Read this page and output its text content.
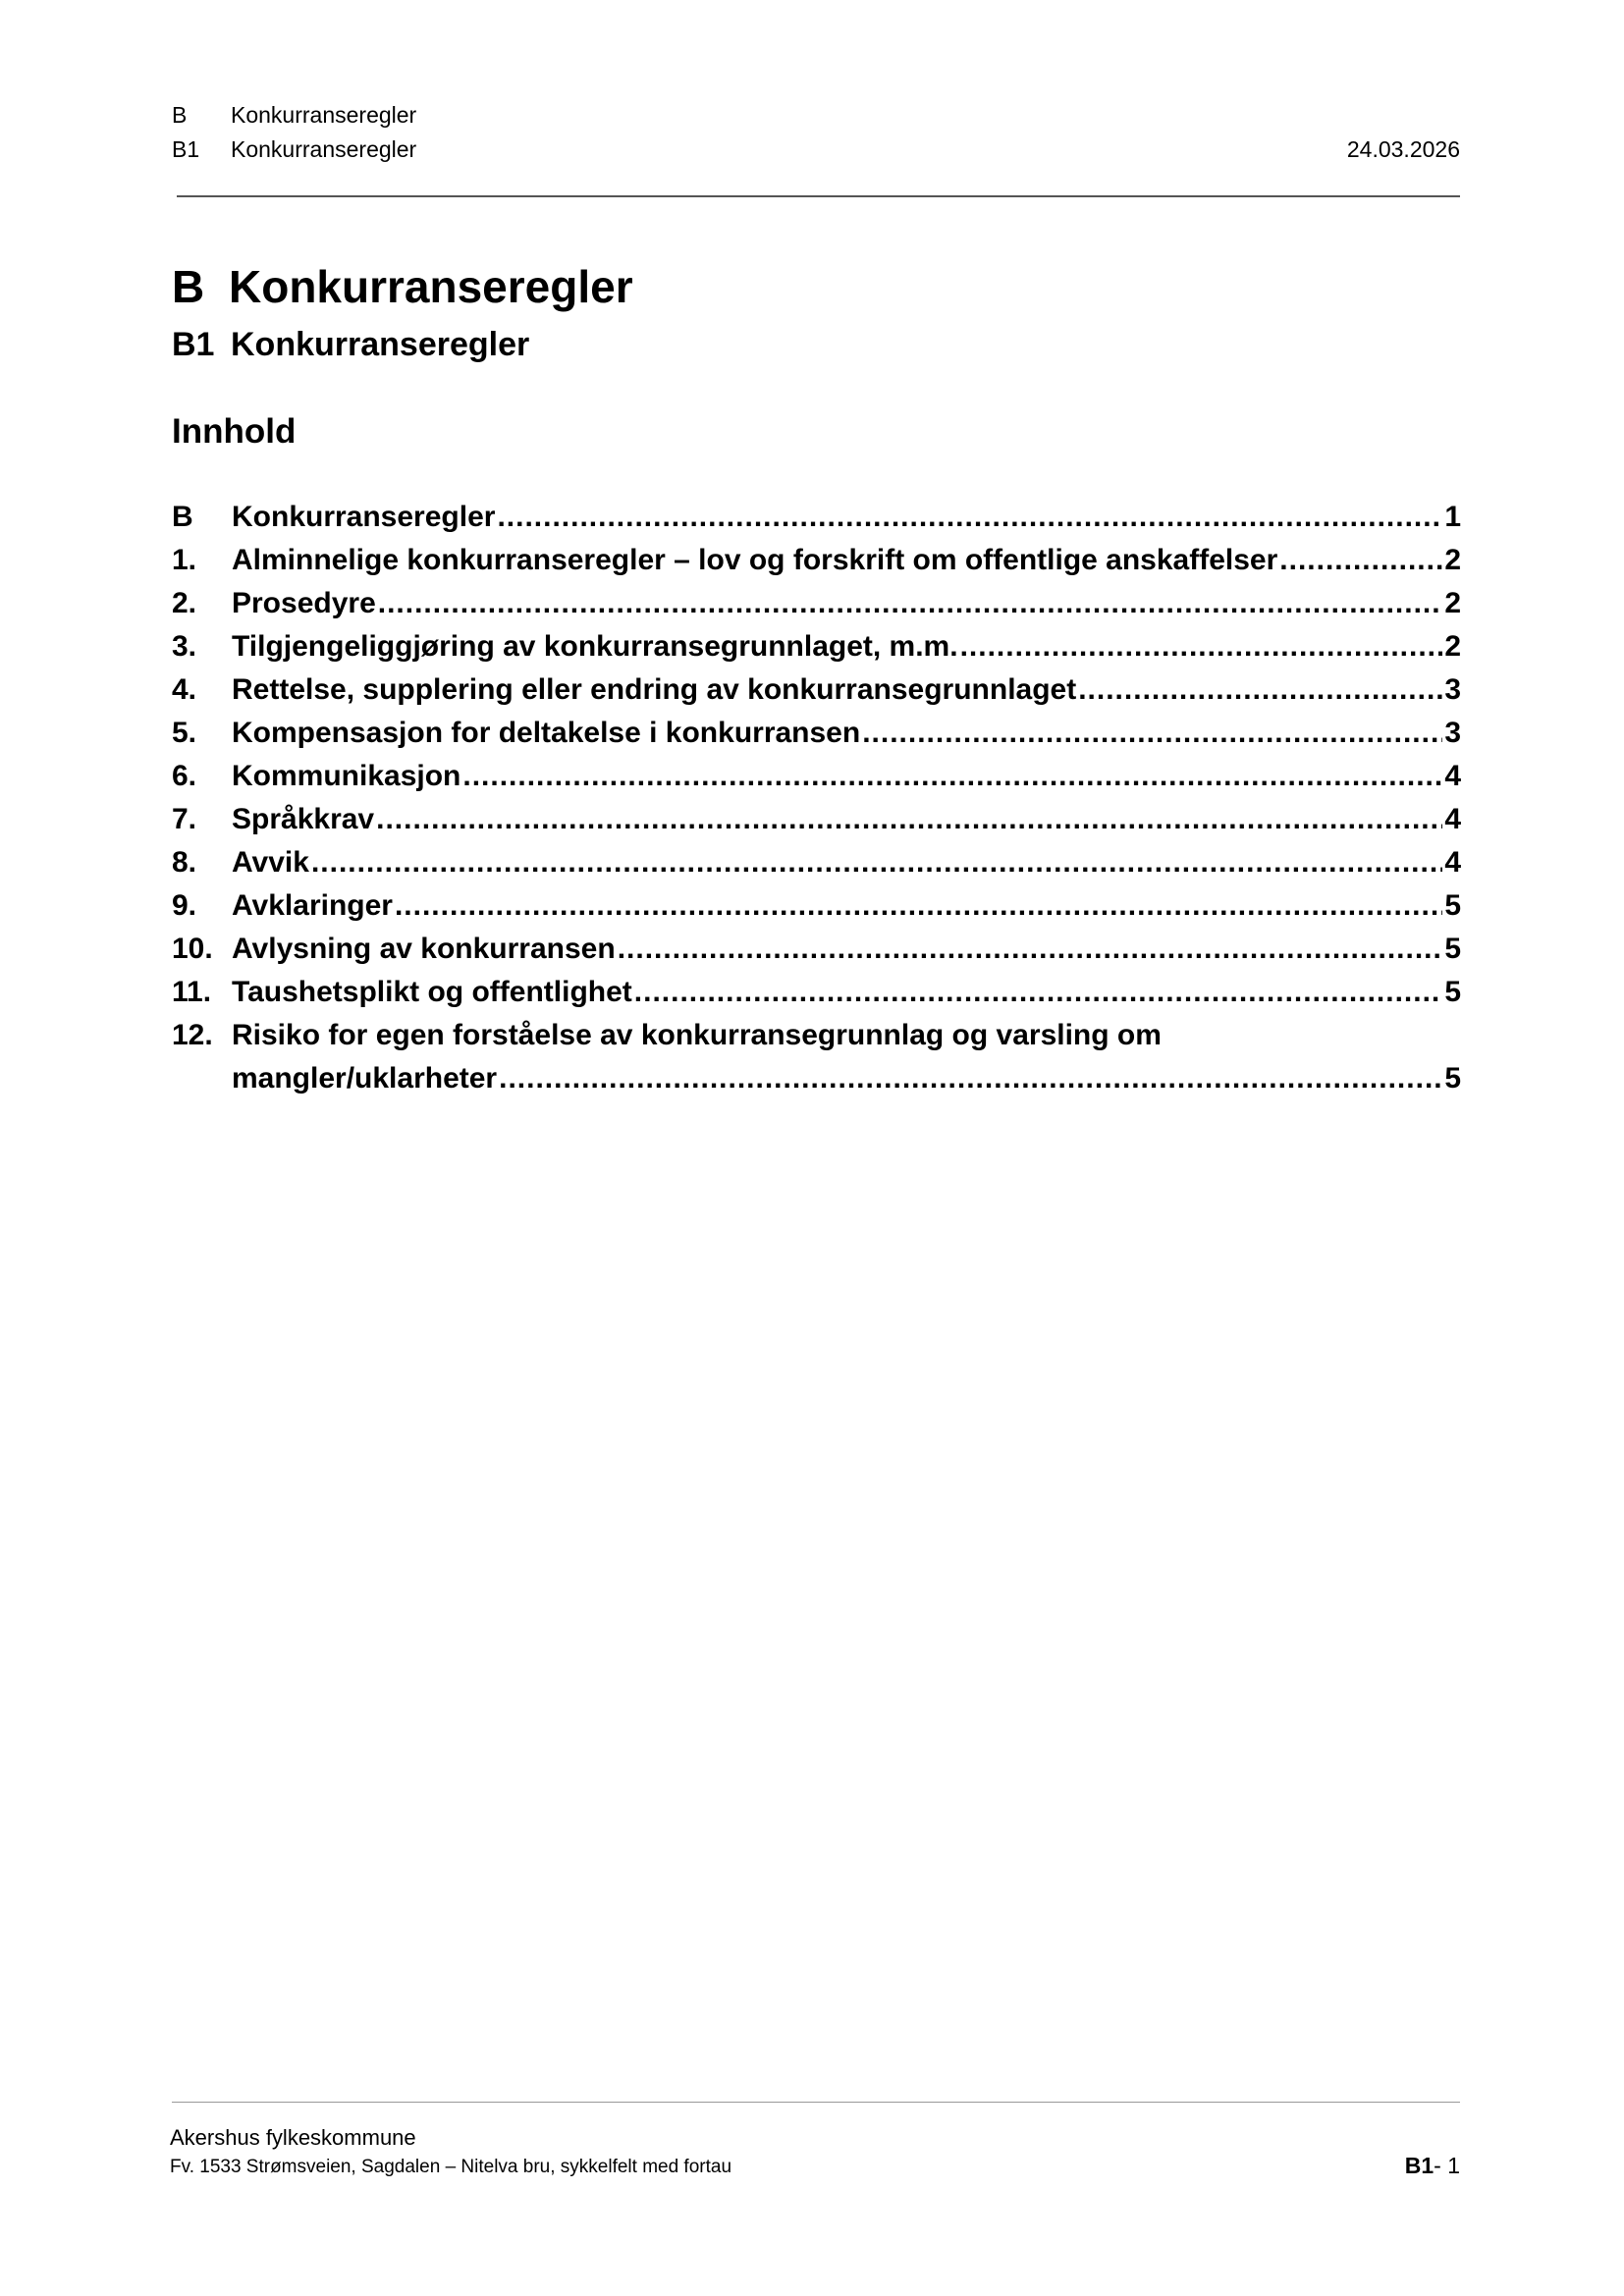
B Konkurranseregler
B1 Konkurranseregler	24.03.2026
B Konkurranseregler
B1 Konkurranseregler
Innhold
B Konkurranseregler .....	1
1. Alminnelige konkurranseregler – lov og forskrift om offentlige anskaffelser .....	2
2. Prosedyre .....	2
3. Tilgjengeliggjøring av konkurransegrunnlaget, m.m. .....	2
4. Rettelse, supplering eller endring av konkurransegrunnlaget .....	3
5. Kompensasjon for deltakelse i konkurransen .....	3
6. Kommunikasjon .....	4
7. Språkkrav .....	4
8. Avvik .....	4
9. Avklaringer .....	5
10. Avlysning av konkurransen .....	5
11. Taushetsplikt og offentlighet .....	5
12. Risiko for egen forståelse av konkurransegrunnlag og varsling om
mangler/uklarheter .....	5
Akershus fylkeskommune
Fv. 1533 Strømsveien, Sagdalen – Nitelva bru, sykkelfelt med fortau	B1- 1
